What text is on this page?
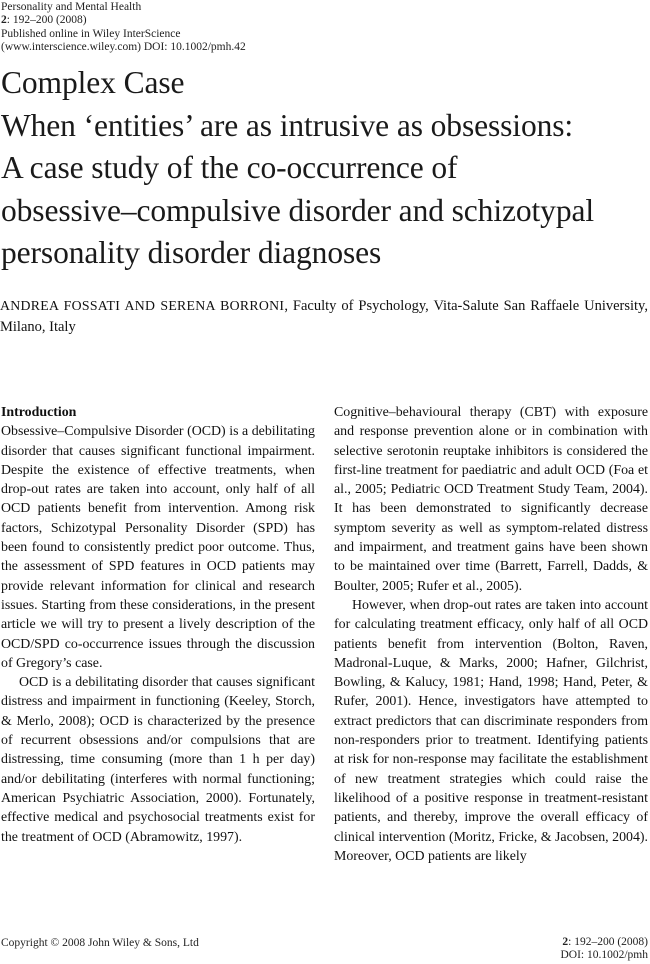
Personality and Mental Health
2: 192–200 (2008)
Published online in Wiley InterScience
(www.interscience.wiley.com) DOI: 10.1002/pmh.42
Complex Case
When ‘entities’ are as intrusive as obsessions:
A case study of the co-occurrence of
obsessive–compulsive disorder and schizotypal
personality disorder diagnoses
ANDREA FOSSATI AND SERENA BORRONI, Faculty of Psychology, Vita-Salute San Raffaele University, Milano, Italy

Introduction

Obsessive–Compulsive Disorder (OCD) is a debilitating disorder that causes significant functional impairment. Despite the existence of effective treatments, when drop-out rates are taken into account, only half of all OCD patients benefit from intervention. Among risk factors, Schizotypal Personality Disorder (SPD) has been found to consistently predict poor outcome. Thus, the assessment of SPD features in OCD patients may provide relevant information for clinical and research issues. Starting from these considerations, in the present article we will try to present a lively description of the OCD/SPD co-occurrence issues through the discussion of Gregory’s case.

OCD is a debilitating disorder that causes significant distress and impairment in functioning (Keeley, Storch, & Merlo, 2008); OCD is characterized by the presence of recurrent obsessions and/or compulsions that are distressing, time consuming (more than 1 h per day) and/or debilitating (interferes with normal functioning; American Psychiatric Association, 2000). Fortunately, effective medical and psychosocial treatments exist for the treatment of OCD (Abramowitz, 1997).

Cognitive–behavioural therapy (CBT) with exposure and response prevention alone or in combination with selective serotonin reuptake inhibitors is considered the first-line treatment for paediatric and adult OCD (Foa et al., 2005; Pediatric OCD Treatment Study Team, 2004). It has been demonstrated to significantly decrease symptom severity as well as symptom-related distress and impairment, and treatment gains have been shown to be maintained over time (Barrett, Farrell, Dadds, & Boulter, 2005; Rufer et al., 2005).

However, when drop-out rates are taken into account for calculating treatment efficacy, only half of all OCD patients benefit from intervention (Bolton, Raven, Madronal-Luque, & Marks, 2000; Hafner, Gilchrist, Bowling, & Kalucy, 1981; Hand, 1998; Hand, Peter, & Rufer, 2001). Hence, investigators have attempted to extract predictors that can discriminate responders from non-responders prior to treatment. Identifying patients at risk for non-response may facilitate the establishment of new treatment strategies which could raise the likelihood of a positive response in treatment-resistant patients, and thereby, improve the overall efficacy of clinical intervention (Moritz, Fricke, & Jacobsen, 2004). Moreover, OCD patients are likely

Copyright © 2008 John Wiley & Sons, Ltd	2: 192–200 (2008)
DOI: 10.1002/pmh
